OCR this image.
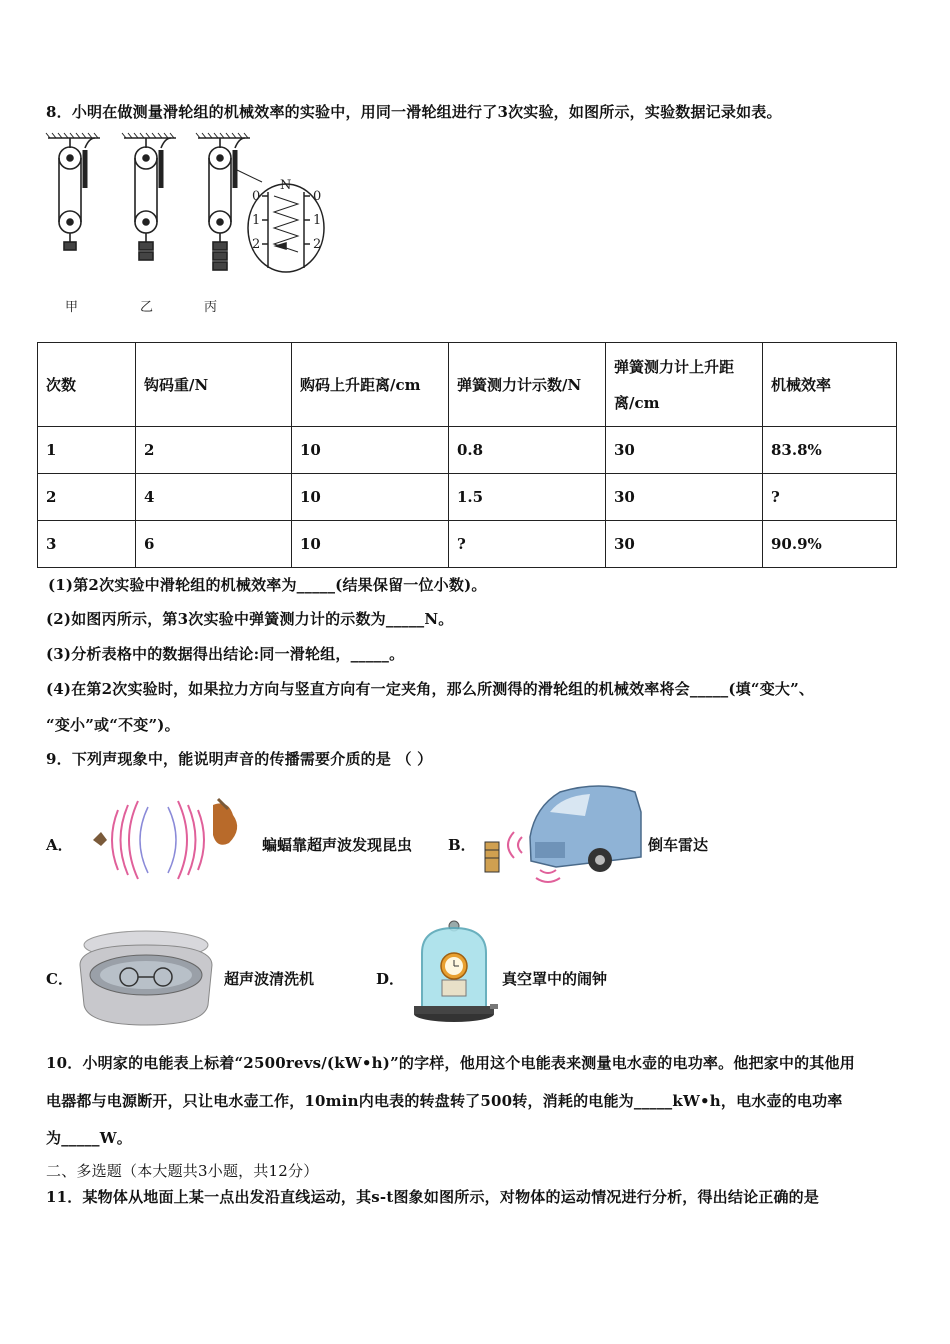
8．小明在做测量滑轮组的机械效率的实验中，用同一滑轮组进行了3次实验，如图所示，实验数据记录如表。
N
0	0
1	1
2	2
甲	乙	丙
次数	钩码重/N	购码上升距离/cm	弹簧测力计示数/N	弹簧测力计上升距离/cm	机械效率
1	2	10	0.8	30	83.8%
2	4	10	1.5	30	?
3	6	10	?	30	90.9%
(1)第2次实验中滑轮组的机械效率为_____(结果保留一位小数)。
(2)如图丙所示，第3次实验中弹簧测力计的示数为_____N。
(3)分析表格中的数据得出结论:同一滑轮组，_____。
(4)在第2次实验时，如果拉力方向与竖直方向有一定夹角，那么所测得的滑轮组的机械效率将会_____(填“变大”、
“变小”或“不变”)。
9．下列声现象中，能说明声音的传播需要介质的是 （ ）
A．	蝙蝠靠超声波发现昆虫 B．	倒车雷达
C．	超声波清洗机	D．	真空罩中的闹钟
10．小明家的电能表上标着“2500revs/(kW•h)”的字样，他用这个电能表来测量电水壶的电功率。他把家中的其他用
电器都与电源断开，只让电水壶工作，10min内电表的转盘转了500转，消耗的电能为_____kW•h，电水壶的电功率
为_____W。
二、多选题（本大题共3小题，共12分）
11．某物体从地面上某一点出发沿直线运动，其s-t图象如图所示，对物体的运动情况进行分析，得出结论正确的是
